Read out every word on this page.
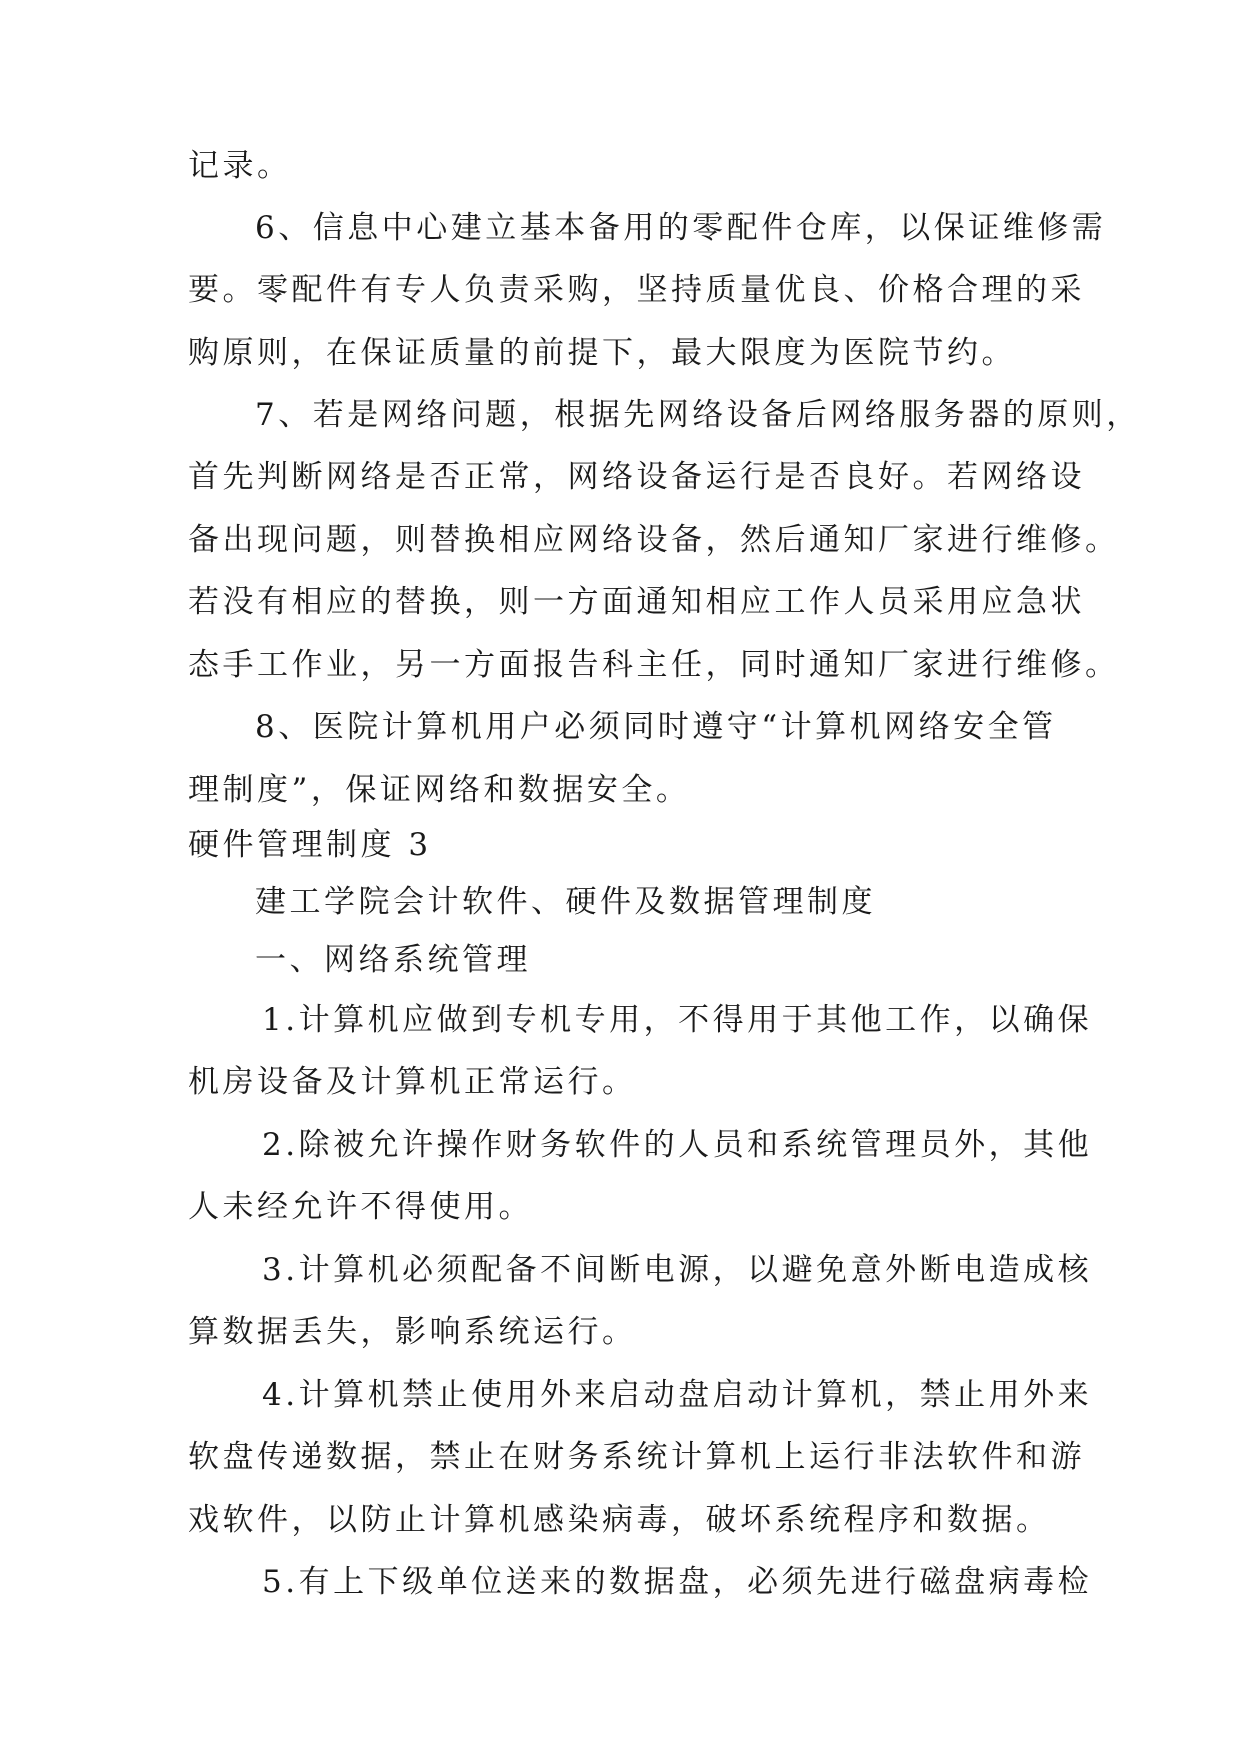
记录。
6、信息中心建立基本备用的零配件仓库，以保证维修需
要。零配件有专人负责采购，坚持质量优良、价格合理的采
购原则，在保证质量的前提下，最大限度为医院节约。
7、若是网络问题，根据先网络设备后网络服务器的原则，
首先判断网络是否正常，网络设备运行是否良好。若网络设
备出现问题，则替换相应网络设备，然后通知厂家进行维修。
若没有相应的替换，则一方面通知相应工作人员采用应急状
态手工作业，另一方面报告科主任，同时通知厂家进行维修。
8、医院计算机用户必须同时遵守“计算机网络安全管
理制度”，保证网络和数据安全。
硬件管理制度 3
建工学院会计软件、硬件及数据管理制度
一、网络系统管理
1.计算机应做到专机专用，不得用于其他工作，以确保
机房设备及计算机正常运行。
2.除被允许操作财务软件的人员和系统管理员外，其他
人未经允许不得使用。
3.计算机必须配备不间断电源，以避免意外断电造成核
算数据丢失，影响系统运行。
4.计算机禁止使用外来启动盘启动计算机，禁止用外来
软盘传递数据，禁止在财务系统计算机上运行非法软件和游
戏软件，以防止计算机感染病毒，破坏系统程序和数据。
5.有上下级单位送来的数据盘，必须先进行磁盘病毒检
